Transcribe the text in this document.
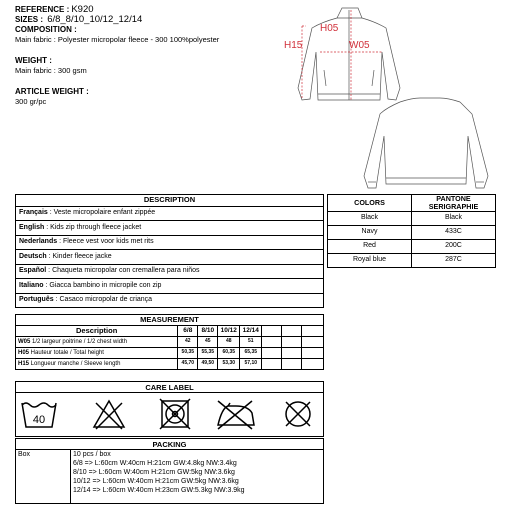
REFERENCE : K920
SIZES : 6/8_8/10_10/12_12/14
COMPOSITION :
Main fabric : Polyester micropolar fleece - 300 100%polyester
WEIGHT :
Main fabric : 300 gsm
ARTICLE WEIGHT :
300 gr/pc
H05
H15	W05
DESCRIPTION
Français : Veste micropolaire enfant zippée
English : Kids zip through fleece jacket
Nederlands : Fleece vest voor kids met rits
Deutsch : Kinder fleece jacke
Español : Chaqueta micropolar con cremallera para niños
Italiano : Giacca bambino in micropile con zip
Português : Casaco micropolar de criança
COLORS	PANTONE
SERIGRAPHIE
Black	Black
Navy	433C
Red	200C
Royal blue	287C
MEASUREMENT							
Description	6/8	8/10	10/12	12/14			
W05 1/2 largeur poitrine / 1/2 chest width	42	45	48	51			
H05 Hauteur totale / Total height	50,35	55,35	60,35	65,35			
H15 Longueur manche / Sleeve length	45,70	49,50	53,30	57,10			
CARE LABEL
40
PACKING
Box	10 pcs / box
6/8 => L:60cm W:40cm H:21cm GW:4.8kg NW:3.4kg
8/10 => L:60cm W:40cm H:21cm GW:5kg NW:3.6kg
10/12 => L:60cm W:40cm H:21cm GW:5kg NW:3.6kg
12/14 => L:60cm W:40cm H:23cm GW:5.3kg NW:3.9kg
